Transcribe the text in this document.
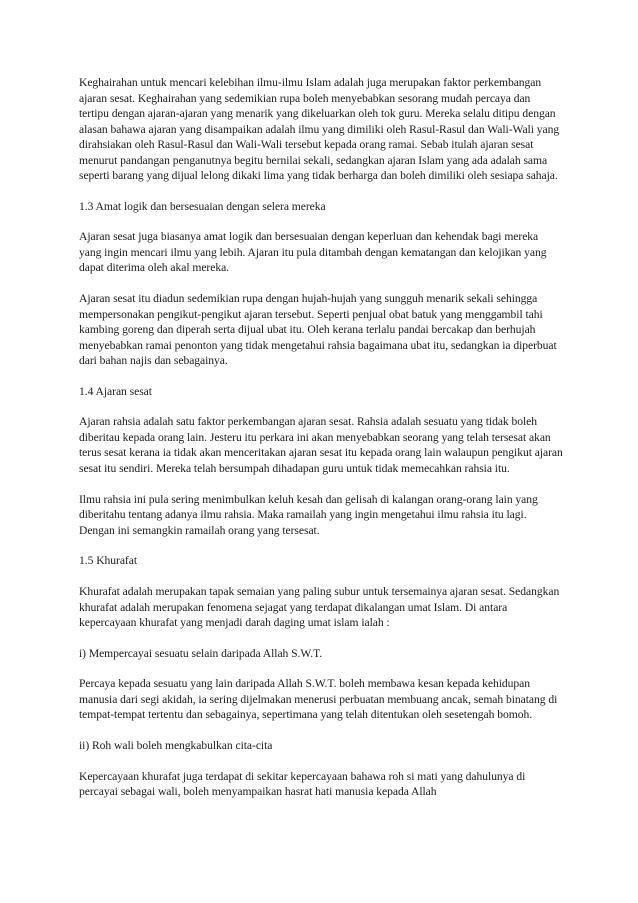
Keghairahan untuk mencari kelebihan ilmu-ilmu Islam adalah juga merupakan faktor perkembangan ajaran sesat. Keghairahan yang sedemikian rupa boleh menyebabkan sesorang mudah percaya dan tertipu dengan ajaran-ajaran yang menarik yang dikeluarkan oleh tok guru. Mereka selalu ditipu dengan alasan bahawa ajaran yang disampaikan adalah ilmu yang dimiliki oleh Rasul-Rasul dan Wali-Wali yang dirahsiakan oleh Rasul-Rasul dan Wali-Wali tersebut kepada orang ramai. Sebab itulah ajaran sesat menurut pandangan penganutnya begitu bernilai sekali, sedangkan ajaran Islam yang ada adalah sama seperti barang yang dijual lelong dikaki lima yang tidak berharga dan boleh dimiliki oleh sesiapa sahaja.

1.3 Amat logik dan bersesuaian dengan selera mereka

Ajaran sesat juga biasanya amat logik dan bersesuaian dengan keperluan dan kehendak bagi mereka yang ingin mencari ilmu yang lebih. Ajaran itu pula ditambah dengan kematangan dan kelojikan yang dapat diterima oleh akal mereka.

Ajaran sesat itu diadun sedemikian rupa dengan hujah-hujah yang sungguh menarik sekali sehingga mempersonakan pengikut-pengikut ajaran tersebut. Seperti penjual obat batuk yang menggambil tahi kambing goreng dan diperah serta dijual ubat itu. Oleh kerana terlalu pandai bercakap dan berhujah menyebabkan ramai penonton yang tidak mengetahui rahsia bagaimana ubat itu, sedangkan ia diperbuat dari bahan najis dan sebagainya.

1.4 Ajaran sesat

Ajaran rahsia adalah satu faktor perkembangan ajaran sesat. Rahsia adalah sesuatu yang tidak boleh diberitau kepada orang lain. Jesteru itu perkara ini akan menyebabkan seorang yang telah tersesat akan terus sesat kerana ia tidak akan menceritakan ajaran sesat itu kepada orang lain walaupun pengikut ajaran sesat itu sendiri. Mereka telah bersumpah dihadapan guru untuk tidak memecahkan rahsia itu.

Ilmu rahsia ini pula sering menimbulkan keluh kesah dan gelisah di kalangan orang-orang lain yang diberitahu tentang adanya ilmu rahsia. Maka ramailah yang ingin mengetahui ilmu rahsia itu lagi. Dengan ini semangkin ramailah orang yang tersesat.

1.5 Khurafat

Khurafat adalah merupakan tapak semaian yang paling subur untuk tersemainya ajaran sesat. Sedangkan khurafat adalah merupakan fenomena sejagat yang terdapat dikalangan umat Islam. Di antara kepercayaan khurafat yang menjadi darah daging umat islam ialah :

i) Mempercayai sesuatu selain daripada Allah S.W.T.

Percaya kepada sesuatu yang lain daripada Allah S.W.T. boleh membawa kesan kepada kehidupan manusia dari segi akidah, ia sering dijelmakan menerusi perbuatan membuang ancak, semah binatang di tempat-tempat tertentu dan sebagainya, sepertimana yang telah ditentukan oleh sesetengah bomoh.

ii) Roh wali boleh mengkabulkan cita-cita

Kepercayaan khurafat juga terdapat di sekitar kepercayaan bahawa roh si mati yang dahulunya di percayai sebagai wali, boleh menyampaikan hasrat hati manusia kepada Allah
